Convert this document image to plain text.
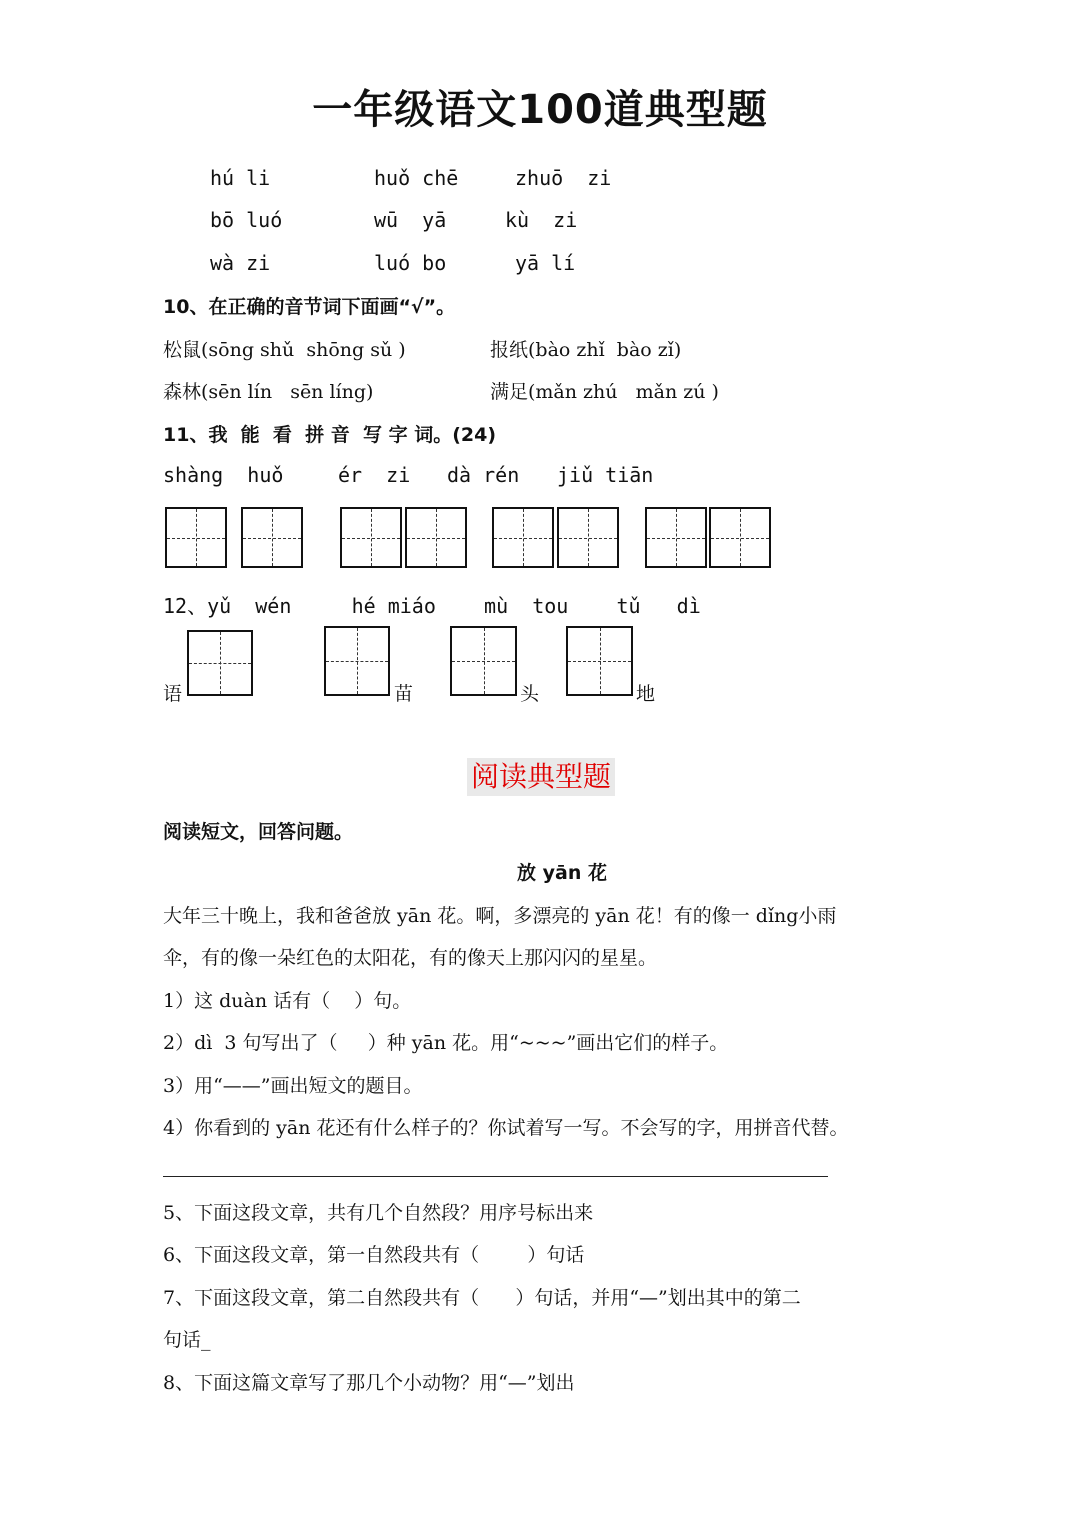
一年级语文100道典型题
hú li	huǒ chē	zhuō  zi
bō luó	wū  yā	kù  zi
wà zi	luó bo	yā lí
10、在正确的音节词下面画“√”。
松鼠(sōng shǔ  shōng sǔ )	报纸(bào zhǐ  bào zǐ)
森林(sēn lín   sēn líng)	满足(mǎn zhú   mǎn zú )
11、我  能  看  拼 音  写 字 词。(24)
shàng  huǒ	ér  zi dà rén jiǔ tiān
12、yǔ  wén     hé miáo    mù  tou    tǔ   dì
语	苗	头	地
阅读典型题
阅读短文，回答问题。
放 yān 花
大年三十晚上，我和爸爸放 yān 花。啊，多漂亮的 yān 花！有的像一 dǐng小雨
伞，有的像一朵红色的太阳花，有的像天上那闪闪的星星。
1）这 duàn 话有（    ）句。
2）dì  3 句写出了（     ）种 yān 花。用“~~~”画出它们的样子。
3）用“——”画出短文的题目。
4）你看到的 yān 花还有什么样子的？你试着写一写。不会写的字，用拼音代替。
5、下面这段文章，共有几个自然段？用序号标出来
6、下面这段文章，第一自然段共有（        ）句话
7、下面这段文章，第二自然段共有（      ）句话，并用“—”划出其中的第二
句话_
8、下面这篇文章写了那几个小动物？用“—”划出
